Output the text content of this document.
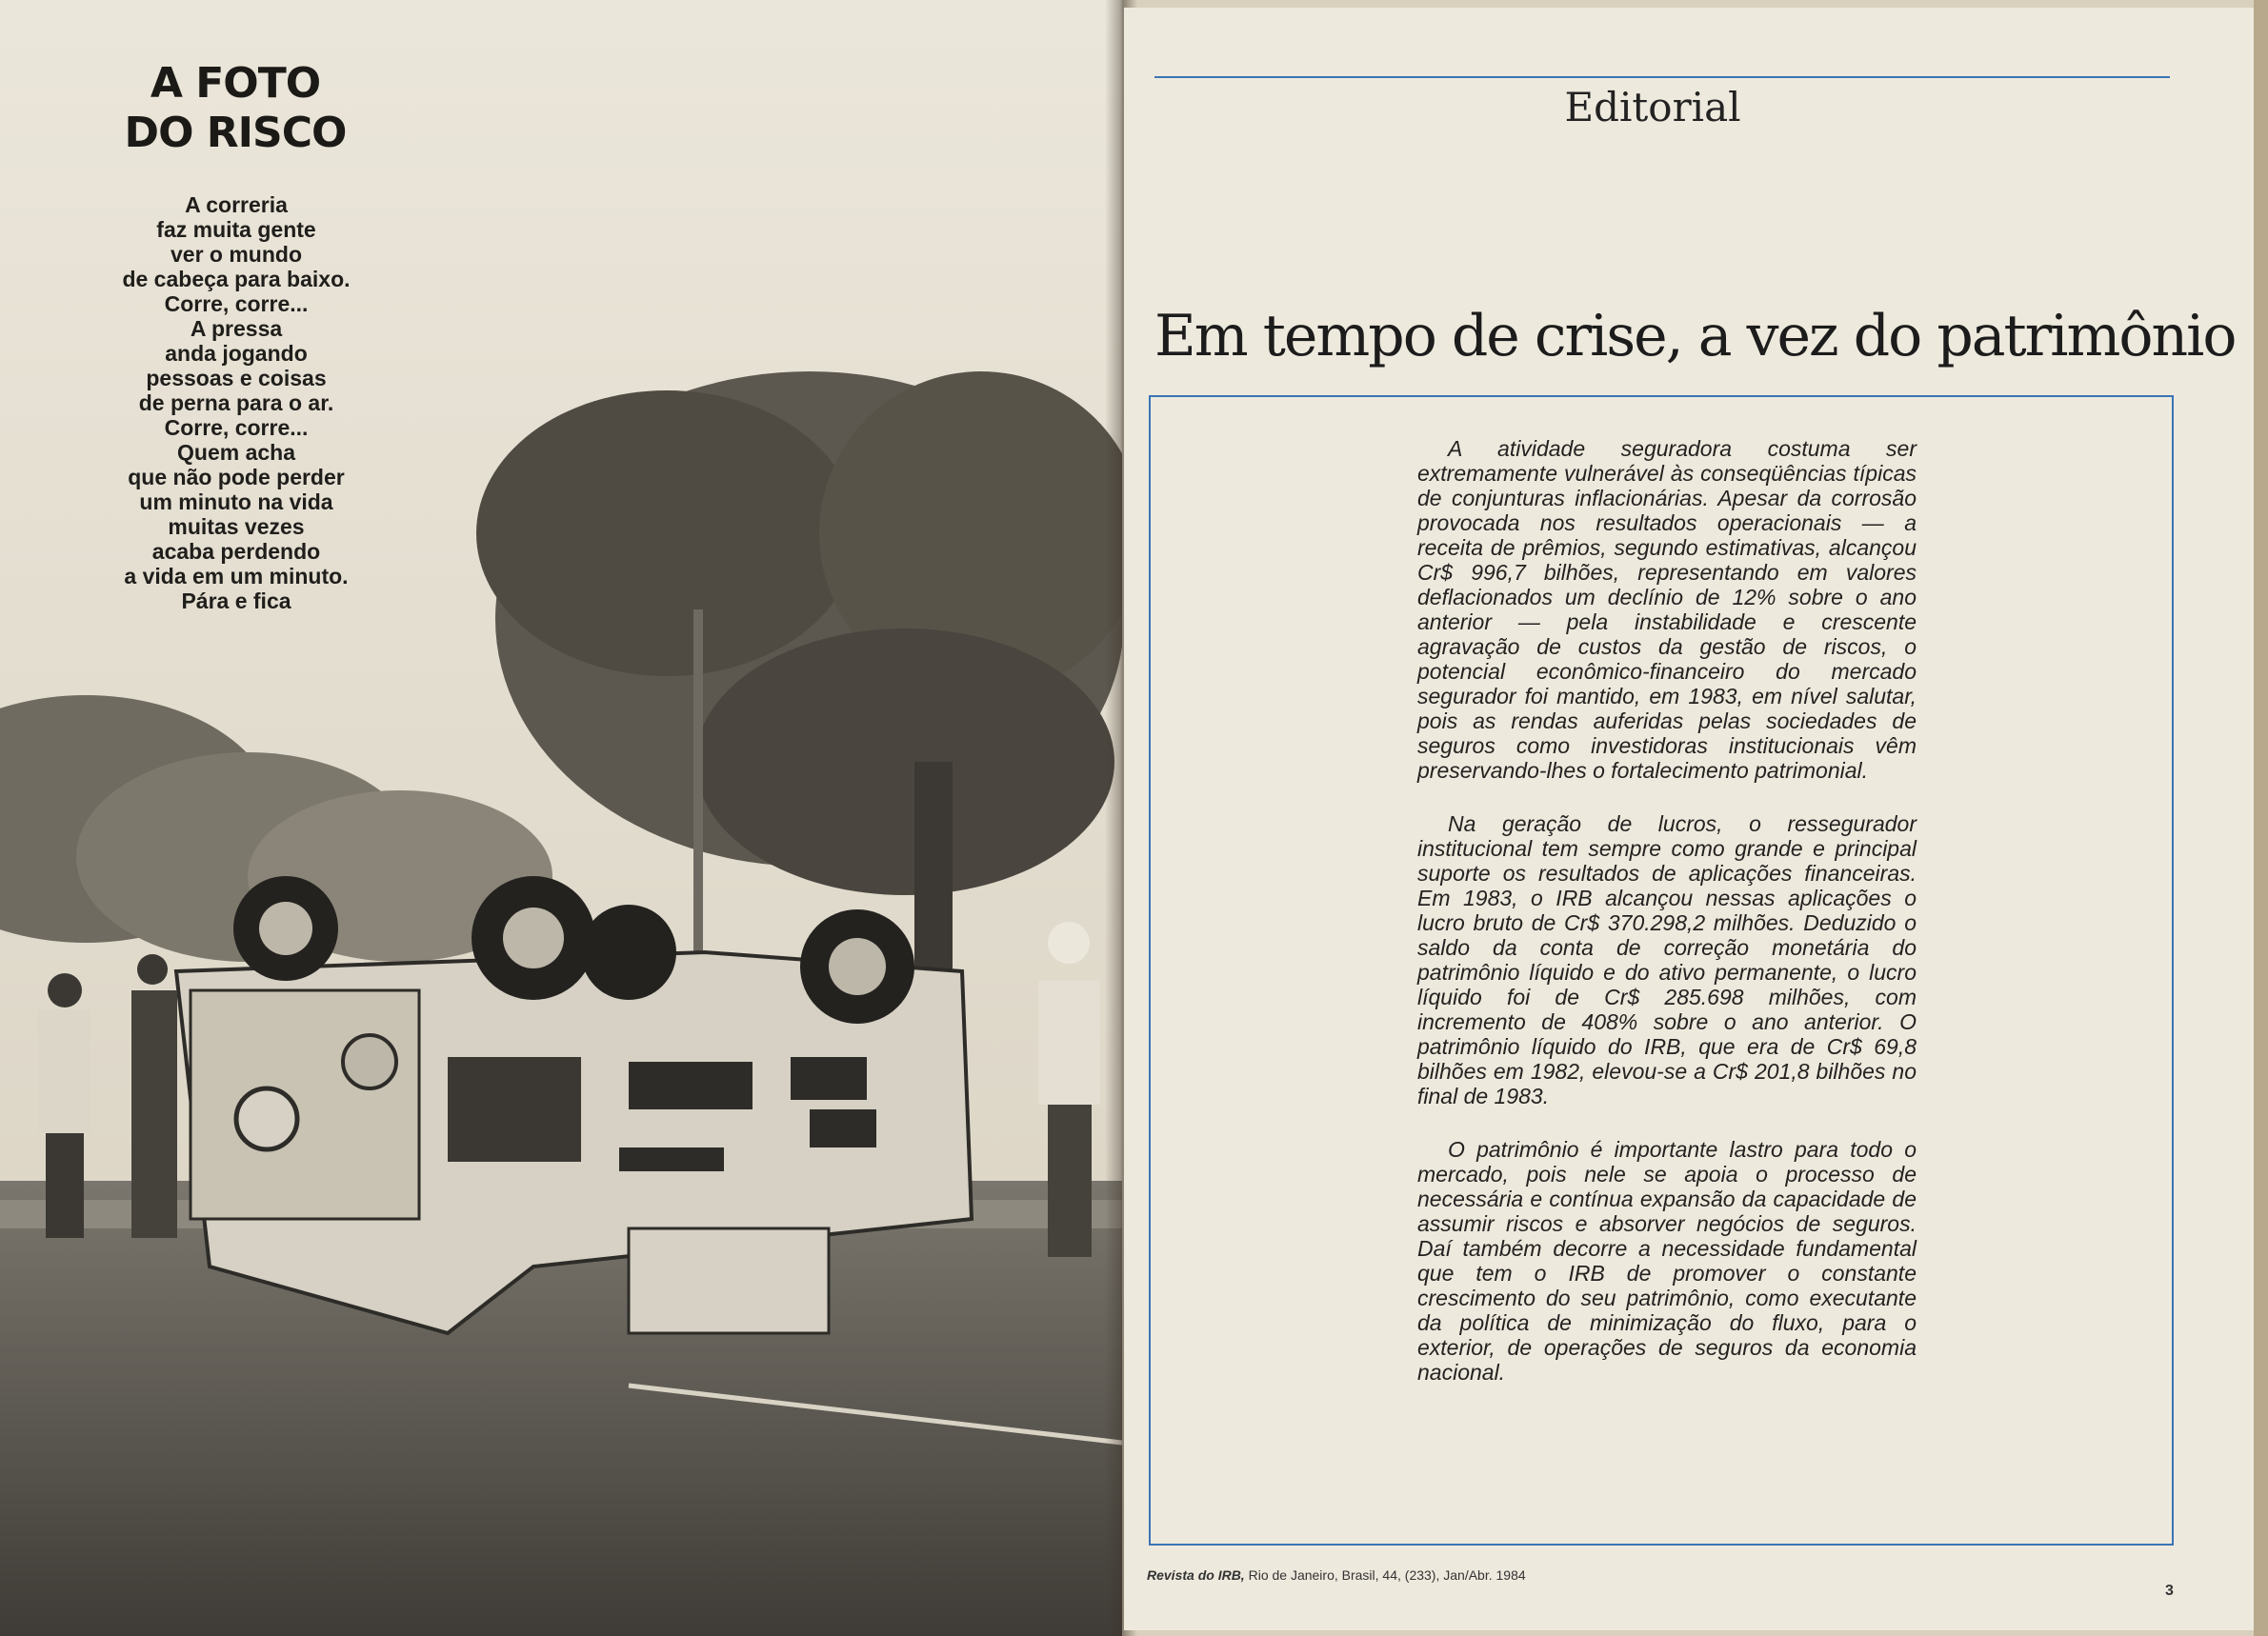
A FOTO
DO RISCO
A correria
faz muita gente
ver o mundo
de cabeça para baixo.
Corre, corre...
A pressa
anda jogando
pessoas e coisas
de perna para o ar.
Corre, corre...
Quem acha
que não pode perder
um minuto na vida
muitas vezes
acaba perdendo
a vida em um minuto.
Pára e fica
Editorial
Em tempo de crise, a vez do patrimônio

A atividade seguradora costuma ser extremamente vulnerável às conseqüências típicas de conjunturas inflacionárias. Apesar da corrosão provocada nos resultados operacionais — a receita de prêmios, segundo estimativas, alcançou Cr$ 996,7 bilhões, representando em valores deflacionados um declínio de 12% sobre o ano anterior — pela instabilidade e crescente agravação de custos da gestão de riscos, o potencial econômico-financeiro do mercado segurador foi mantido, em 1983, em nível salutar, pois as rendas auferidas pelas sociedades de seguros como investidoras institucionais vêm preservando-lhes o fortalecimento patrimonial.

Na geração de lucros, o ressegurador institucional tem sempre como grande e principal suporte os resultados de aplicações financeiras. Em 1983, o IRB alcançou nessas aplicações o lucro bruto de Cr$ 370.298,2 milhões. Deduzido o saldo da conta de correção monetária do patrimônio líquido e do ativo permanente, o lucro líquido foi de Cr$ 285.698 milhões, com incremento de 408% sobre o ano anterior. O patrimônio líquido do IRB, que era de Cr$ 69,8 bilhões em 1982, elevou-se a Cr$ 201,8 bilhões no final de 1983.

O patrimônio é importante lastro para todo o mercado, pois nele se apoia o processo de necessária e contínua expansão da capacidade de assumir riscos e absorver negócios de seguros. Daí também decorre a necessidade fundamental que tem o IRB de promover o constante crescimento do seu patrimônio, como executante da política de minimização do fluxo, para o exterior, de operações de seguros da economia nacional.

Revista do IRB, Rio de Janeiro, Brasil, 44, (233), Jan/Abr. 1984
3
